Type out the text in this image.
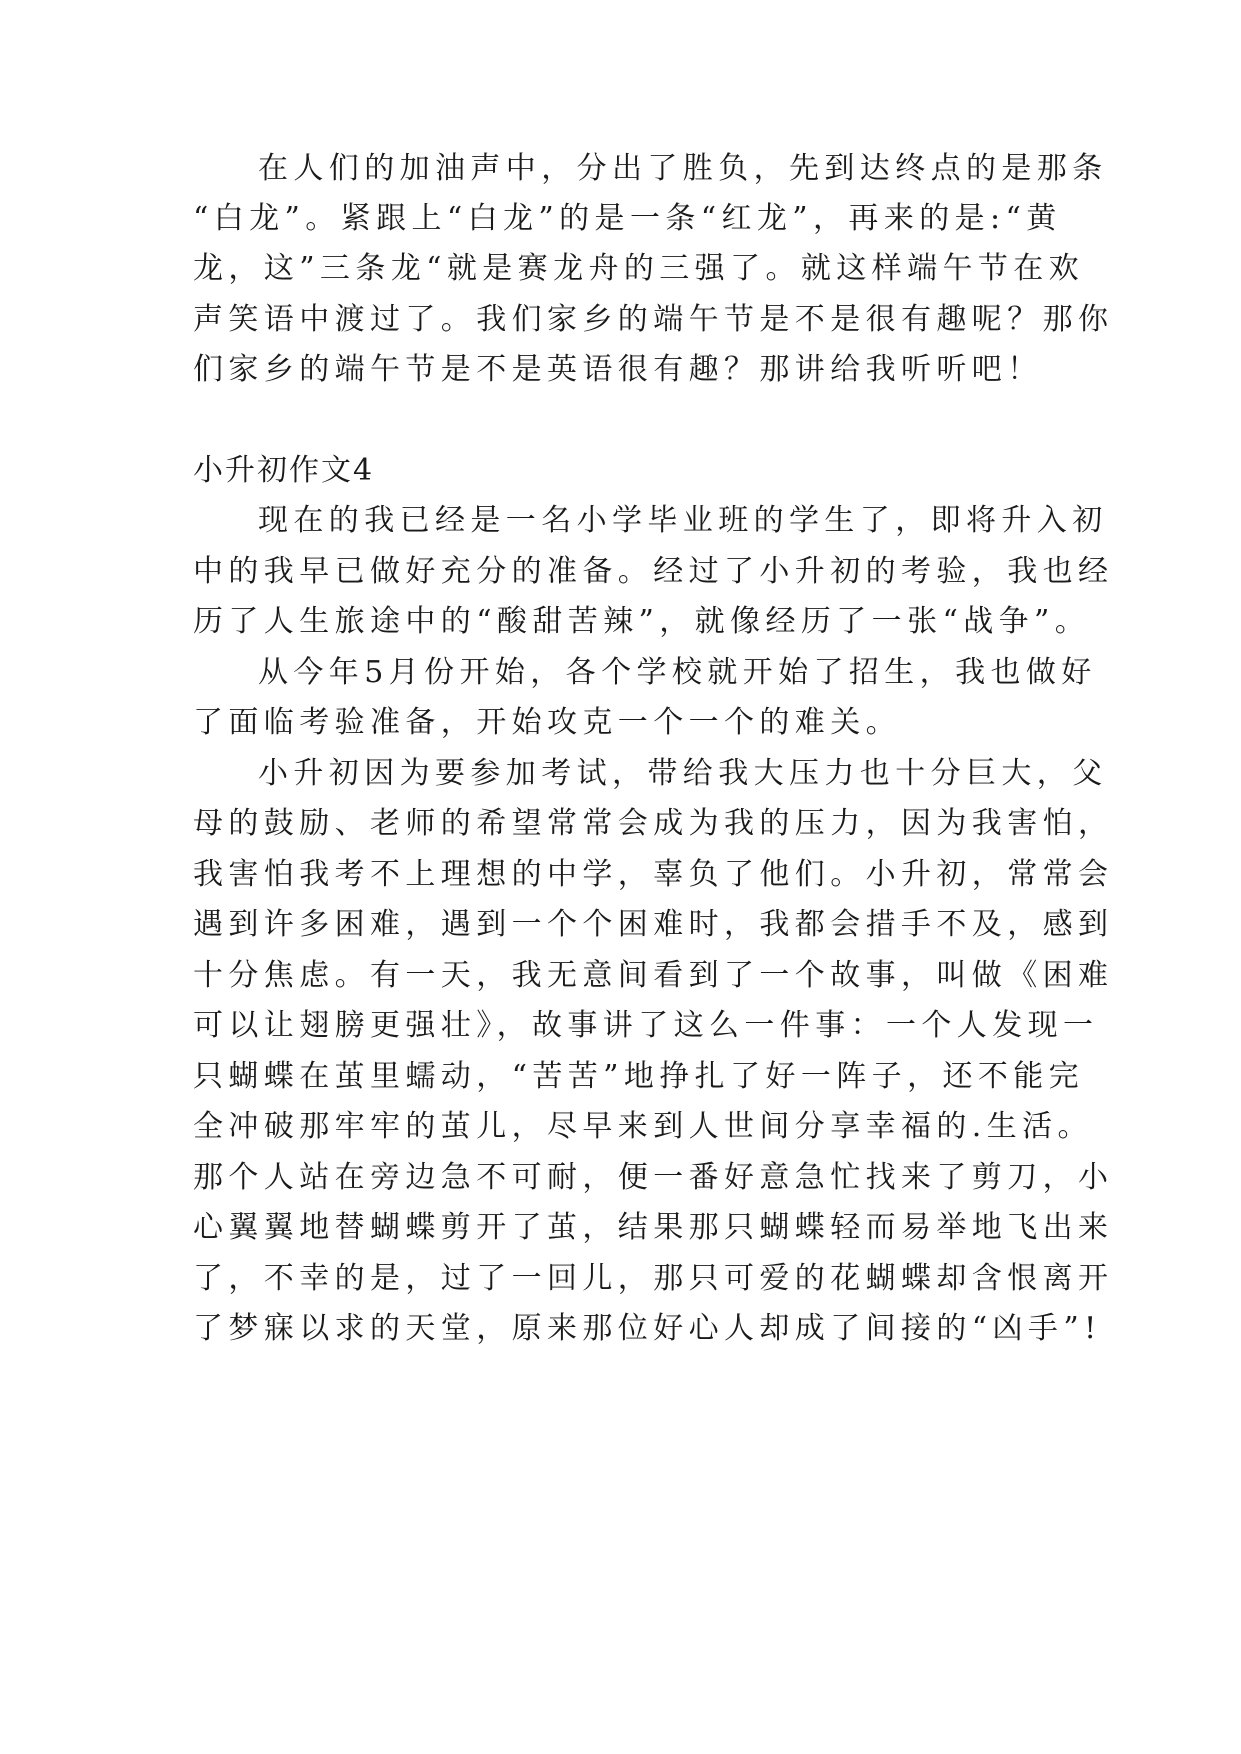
在人们的加油声中，分出了胜负，先到达终点的是那条
“白龙”。紧跟上“白龙”的是一条“红龙”，再来的是:“黄
龙，这”三条龙“就是赛龙舟的三强了。就这样端午节在欢
声笑语中渡过了。我们家乡的端午节是不是很有趣呢？那你
们家乡的端午节是不是英语很有趣？那讲给我听听吧！
小升初作文4
现在的我已经是一名小学毕业班的学生了，即将升入初
中的我早已做好充分的准备。经过了小升初的考验，我也经
历了人生旅途中的“酸甜苦辣”，就像经历了一张“战争”。
从今年5月份开始，各个学校就开始了招生，我也做好
了面临考验准备，开始攻克一个一个的难关。
小升初因为要参加考试，带给我大压力也十分巨大，父
母的鼓励、老师的希望常常会成为我的压力，因为我害怕，
我害怕我考不上理想的中学，辜负了他们。小升初，常常会
遇到许多困难，遇到一个个困难时，我都会措手不及，感到
十分焦虑。有一天，我无意间看到了一个故事，叫做《困难
可以让翅膀更强壮》，故事讲了这么一件事：一个人发现一
只蝴蝶在茧里蠕动，“苦苦”地挣扎了好一阵子，还不能完
全冲破那牢牢的茧儿，尽早来到人世间分享幸福的.生活。
那个人站在旁边急不可耐，便一番好意急忙找来了剪刀，小
心翼翼地替蝴蝶剪开了茧，结果那只蝴蝶轻而易举地飞出来
了，不幸的是，过了一回儿，那只可爱的花蝴蝶却含恨离开
了梦寐以求的天堂，原来那位好心人却成了间接的“凶手”!
